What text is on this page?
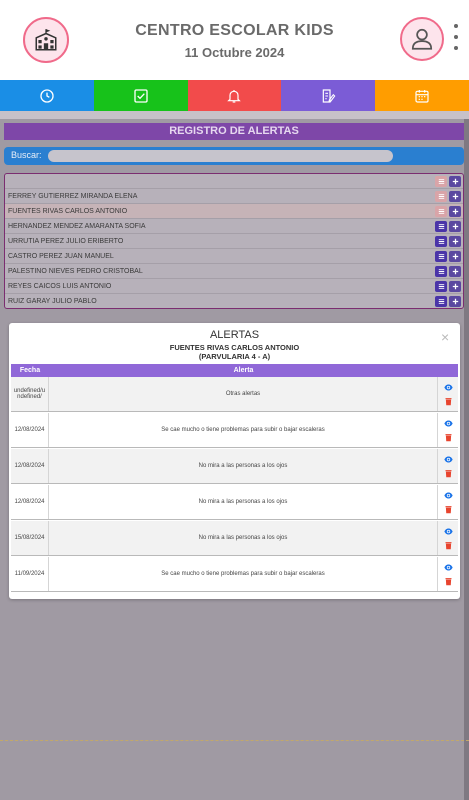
CENTRO ESCOLAR KIDS
11 Octubre 2024
REGISTRO DE ALERTAS
Buscar:
FERREY GUTIERREZ MIRANDA ELENA
FUENTES RIVAS CARLOS ANTONIO
HERNANDEZ MENDEZ AMARANTA SOFIA
URRUTIA PEREZ JULIO ERIBERTO
CASTRO PEREZ JUAN MANUEL
PALESTINO NIEVES PEDRO CRISTOBAL
REYES CAICOS LUIS ANTONIO
RUIZ GARAY JULIO PABLO
ALERTAS	×
FUENTES RIVAS CARLOS ANTONIO
(PARVULARIA 4 - A)
Fecha	Alerta
undefined/undefined/	Otras alertas
12/08/2024	Se cae mucho o tiene problemas para subir o bajar escaleras
12/08/2024	No mira a las personas a los ojos
12/08/2024	No mira a las personas a los ojos
15/08/2024	No mira a las personas a los ojos
11/09/2024	Se cae mucho o tiene problemas para subir o bajar escaleras
